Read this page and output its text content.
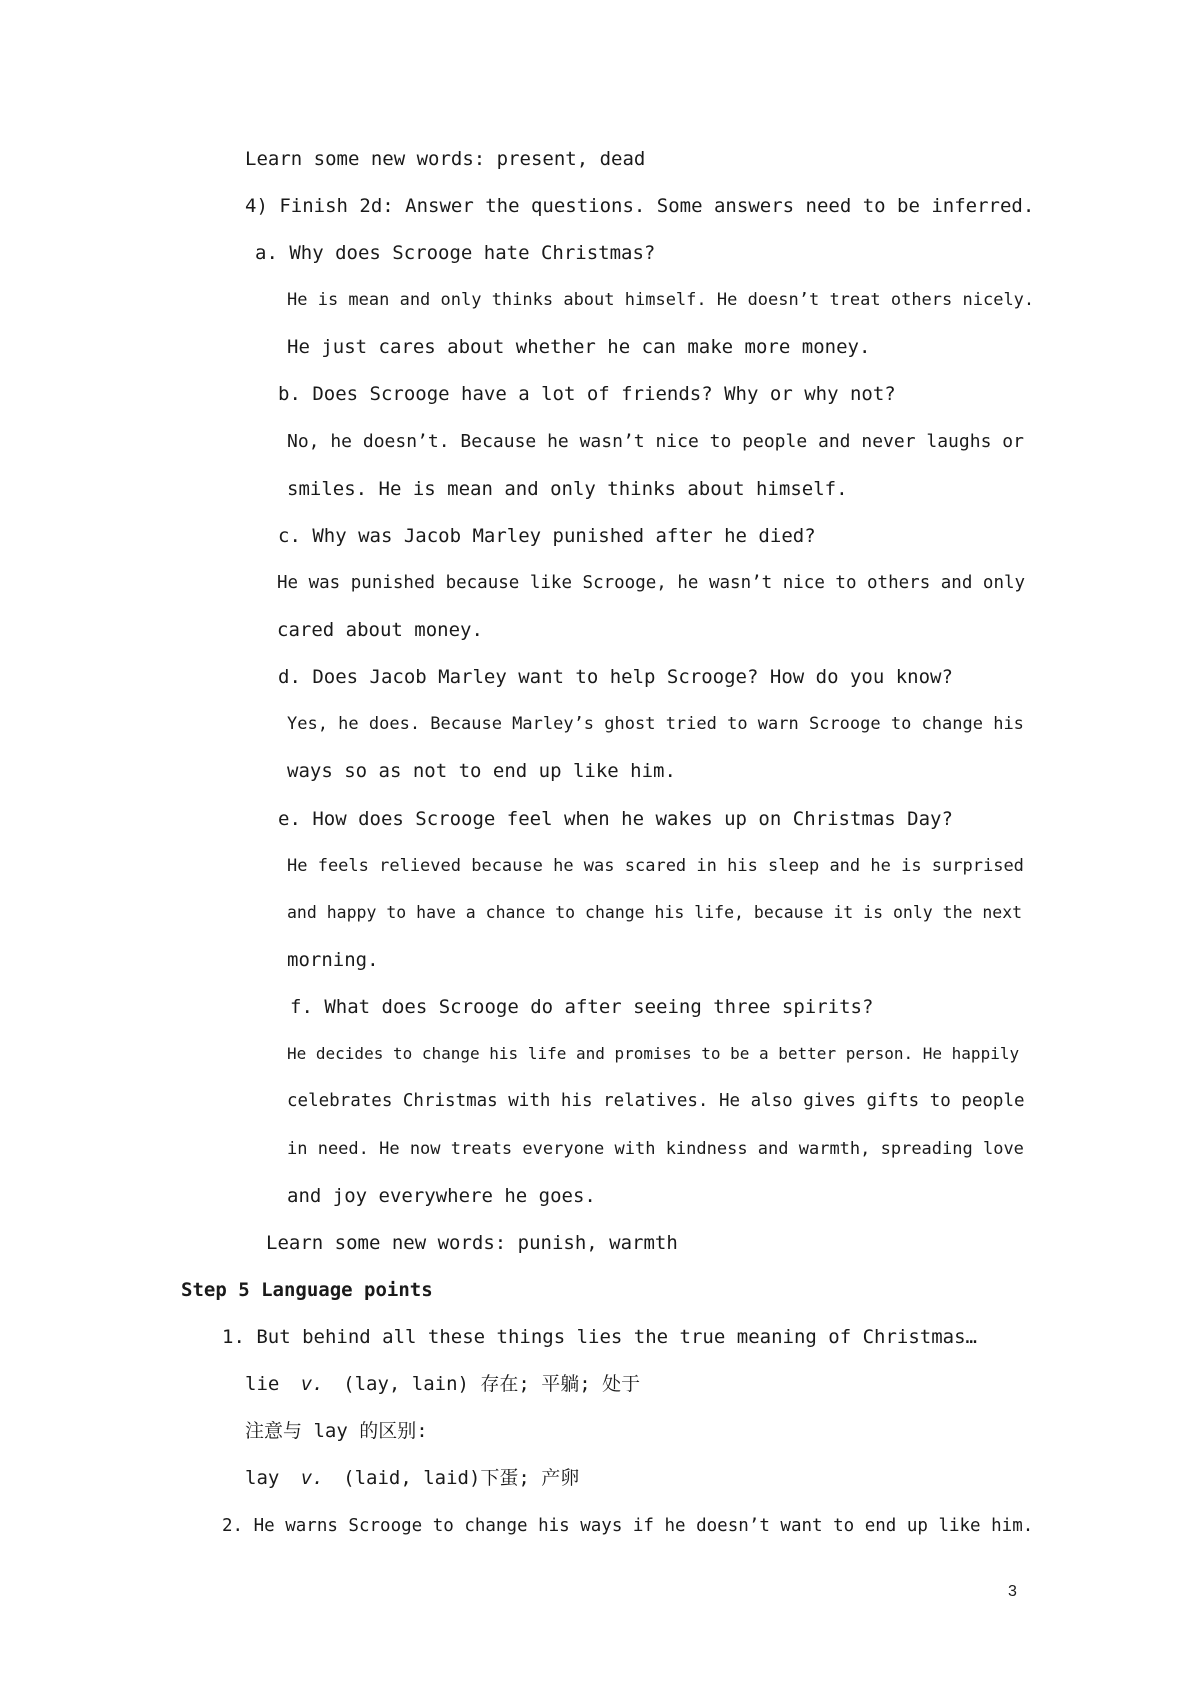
Learn some new words: present, dead

4) Finish 2d: Answer the questions. Some answers need to be inferred.

a. Why does Scrooge hate Christmas?

He is mean and only thinks about himself. He doesn’t treat others nicely.

He just cares about whether he can make more money.

b. Does Scrooge have a lot of friends? Why or why not?

No, he doesn’t. Because he wasn’t nice to people and never laughs or

smiles. He is mean and only thinks about himself.

c. Why was Jacob Marley punished after he died?

He was punished because like Scrooge, he wasn’t nice to others and only

cared about money.

d. Does Jacob Marley want to help Scrooge? How do you know?

Yes, he does. Because Marley’s ghost tried to warn Scrooge to change his

ways so as not to end up like him.

e. How does Scrooge feel when he wakes up on Christmas Day?

He feels relieved because he was scared in his sleep and he is surprised

and happy to have a chance to change his life, because it is only the next

morning.

f. What does Scrooge do after seeing three spirits?

He decides to change his life and promises to be a better person. He happily

celebrates Christmas with his relatives. He also gives gifts to people

in need. He now treats everyone with kindness and warmth, spreading love

and joy everywhere he goes.

Learn some new words: punish, warmth

Step 5 Language points

1. But behind all these things lies the true meaning of Christmas…

lie v. (lay, lain) 存在; 平躺; 处于

注意与 lay 的区别:

lay v. (laid, laid)下蛋; 产卵

2. He warns Scrooge to change his ways if he doesn’t want to end up like him.

3
